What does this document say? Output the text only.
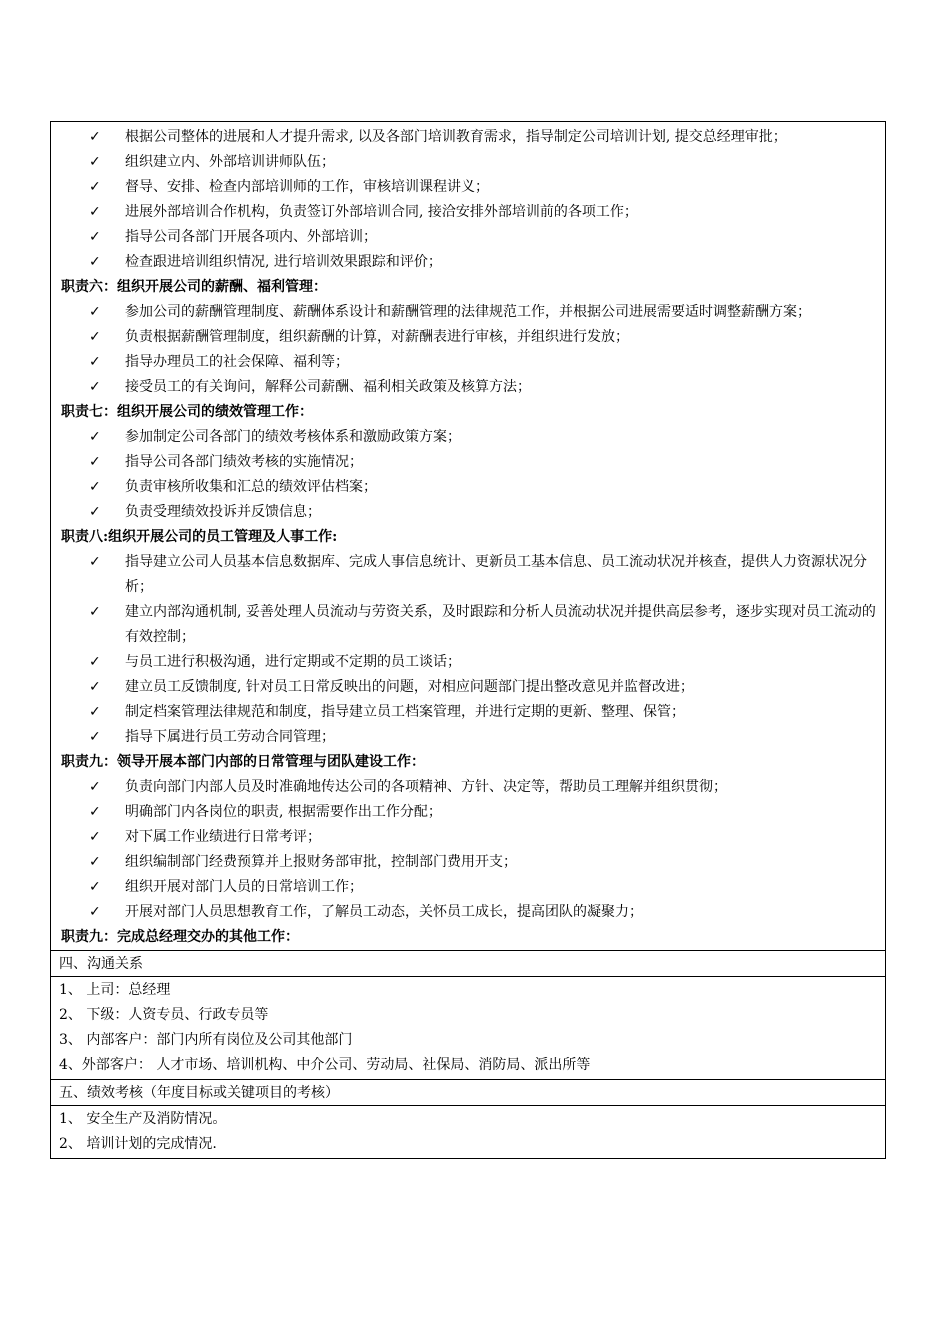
✓ 根据公司整体的进展和人才提升需求, 以及各部门培训教育需求，指导制定公司培训计划, 提交总经理审批；
✓ 组织建立内、外部培训讲师队伍；
✓ 督导、安排、检查内部培训师的工作，审核培训课程讲义；
✓ 进展外部培训合作机构，负责签订外部培训合同, 接洽安排外部培训前的各项工作；
✓ 指导公司各部门开展各项内、外部培训；
✓ 检查跟进培训组织情况, 进行培训效果跟踪和评价；
职责六：组织开展公司的薪酬、福利管理：
✓ 参加公司的薪酬管理制度、薪酬体系设计和薪酬管理的法律规范工作，并根据公司进展需要适时调整薪酬方案；
✓ 负责根据薪酬管理制度，组织薪酬的计算，对薪酬表进行审核，并组织进行发放；
✓ 指导办理员工的社会保障、福利等；
✓ 接受员工的有关询问，解释公司薪酬、福利相关政策及核算方法；
职责七：组织开展公司的绩效管理工作：
✓ 参加制定公司各部门的绩效考核体系和激励政策方案；
✓ 指导公司各部门绩效考核的实施情况；
✓ 负责审核所收集和汇总的绩效评估档案；
✓ 负责受理绩效投诉并反馈信息；
职责八:组织开展公司的员工管理及人事工作:
✓ 指导建立公司人员基本信息数据库、完成人事信息统计、更新员工基本信息、员工流动状况并核查，提供人力资源状况分析；
✓ 建立内部沟通机制, 妥善处理人员流动与劳资关系，及时跟踪和分析人员流动状况并提供高层参考，逐步实现对员工流动的有效控制；
✓ 与员工进行积极沟通，进行定期或不定期的员工谈话；
✓ 建立员工反馈制度, 针对员工日常反映出的问题，对相应问题部门提出整改意见并监督改进；
✓ 制定档案管理法律规范和制度，指导建立员工档案管理，并进行定期的更新、整理、保管；
✓ 指导下属进行员工劳动合同管理；
职责九：领导开展本部门内部的日常管理与团队建设工作：
✓ 负责向部门内部人员及时准确地传达公司的各项精神、方针、决定等，帮助员工理解并组织贯彻；
✓ 明确部门内各岗位的职责, 根据需要作出工作分配；
✓ 对下属工作业绩进行日常考评；
✓ 组织编制部门经费预算并上报财务部审批，控制部门费用开支；
✓ 组织开展对部门人员的日常培训工作；
✓ 开展对部门人员思想教育工作，了解员工动态，关怀员工成长，提高团队的凝聚力；
职责九：完成总经理交办的其他工作：
四、沟通关系
1、 上司：总经理
2、 下级：人资专员、行政专员等
3、 内部客户：部门内所有岗位及公司其他部门
4、外部客户： 人才市场、培训机构、中介公司、劳动局、社保局、消防局、派出所等
五、绩效考核（年度目标或关键项目的考核）
1、 安全生产及消防情况。
2、 培训计划的完成情况.
